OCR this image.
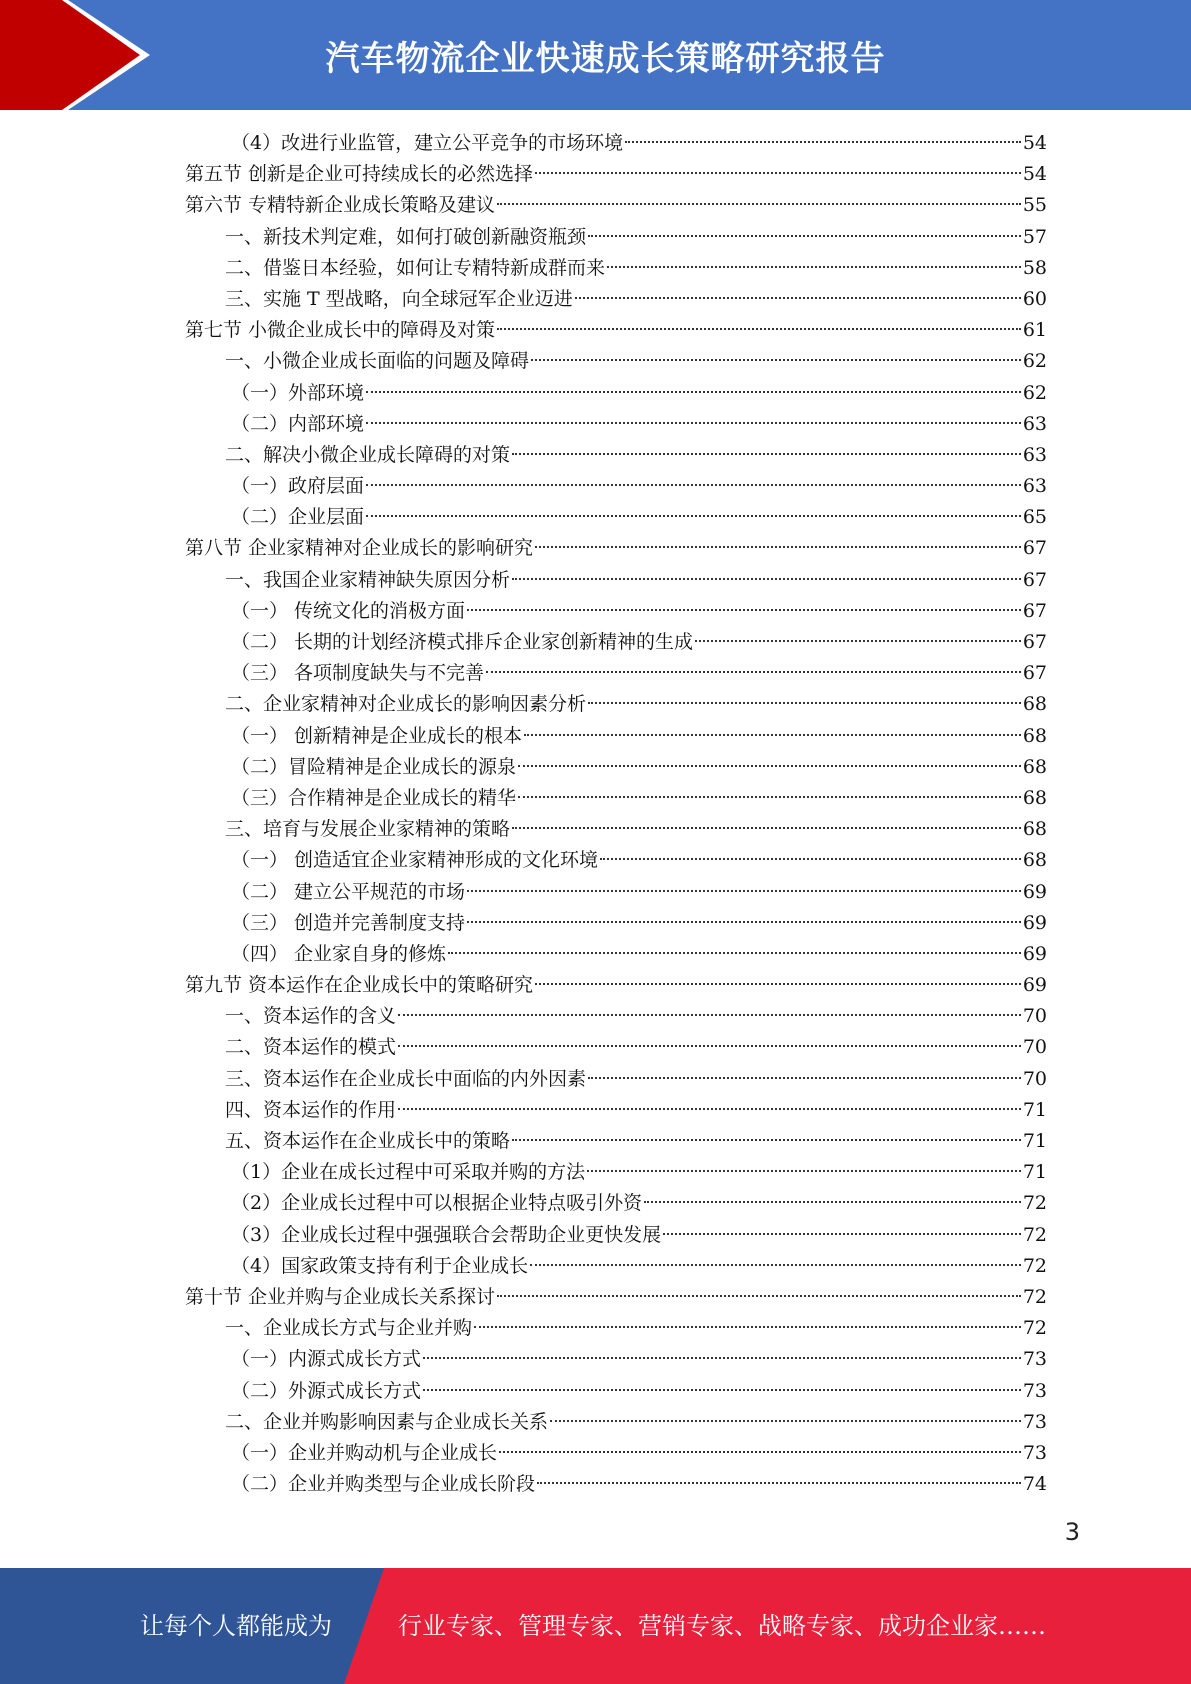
汽车物流企业快速成长策略研究报告
（4）改进行业监管，建立公平竞争的市场环境	54
第五节 创新是企业可持续成长的必然选择	54
第六节 专精特新企业成长策略及建议	55
一、新技术判定难，如何打破创新融资瓶颈	57
二、借鉴日本经验，如何让专精特新成群而来	58
三、实施 T 型战略，向全球冠军企业迈进	60
第七节 小微企业成长中的障碍及对策	61
一、小微企业成长面临的问题及障碍	62
（一）外部环境	62
（二）内部环境	63
二、解决小微企业成长障碍的对策	63
（一）政府层面	63
（二）企业层面	65
第八节 企业家精神对企业成长的影响研究	67
一、我国企业家精神缺失原因分析	67
（一） 传统文化的消极方面	67
（二） 长期的计划经济模式排斥企业家创新精神的生成	67
（三） 各项制度缺失与不完善	67
二、企业家精神对企业成长的影响因素分析	68
（一） 创新精神是企业成长的根本	68
（二）冒险精神是企业成长的源泉	68
（三）合作精神是企业成长的精华	68
三、培育与发展企业家精神的策略	68
（一） 创造适宜企业家精神形成的文化环境	68
（二） 建立公平规范的市场	69
（三） 创造并完善制度支持	69
（四） 企业家自身的修炼	69
第九节 资本运作在企业成长中的策略研究	69
一、资本运作的含义	70
二、资本运作的模式	70
三、资本运作在企业成长中面临的内外因素	70
四、资本运作的作用	71
五、资本运作在企业成长中的策略	71
（1）企业在成长过程中可采取并购的方法	71
（2）企业成长过程中可以根据企业特点吸引外资	72
（3）企业成长过程中强强联合会帮助企业更快发展	72
（4）国家政策支持有利于企业成长	72
第十节 企业并购与企业成长关系探讨	72
一、企业成长方式与企业并购	72
（一）内源式成长方式	73
（二）外源式成长方式	73
二、企业并购影响因素与企业成长关系	73
（一）企业并购动机与企业成长	73
（二）企业并购类型与企业成长阶段	74
3
让每个人都能成为	行业专家、管理专家、营销专家、战略专家、成功企业家……
